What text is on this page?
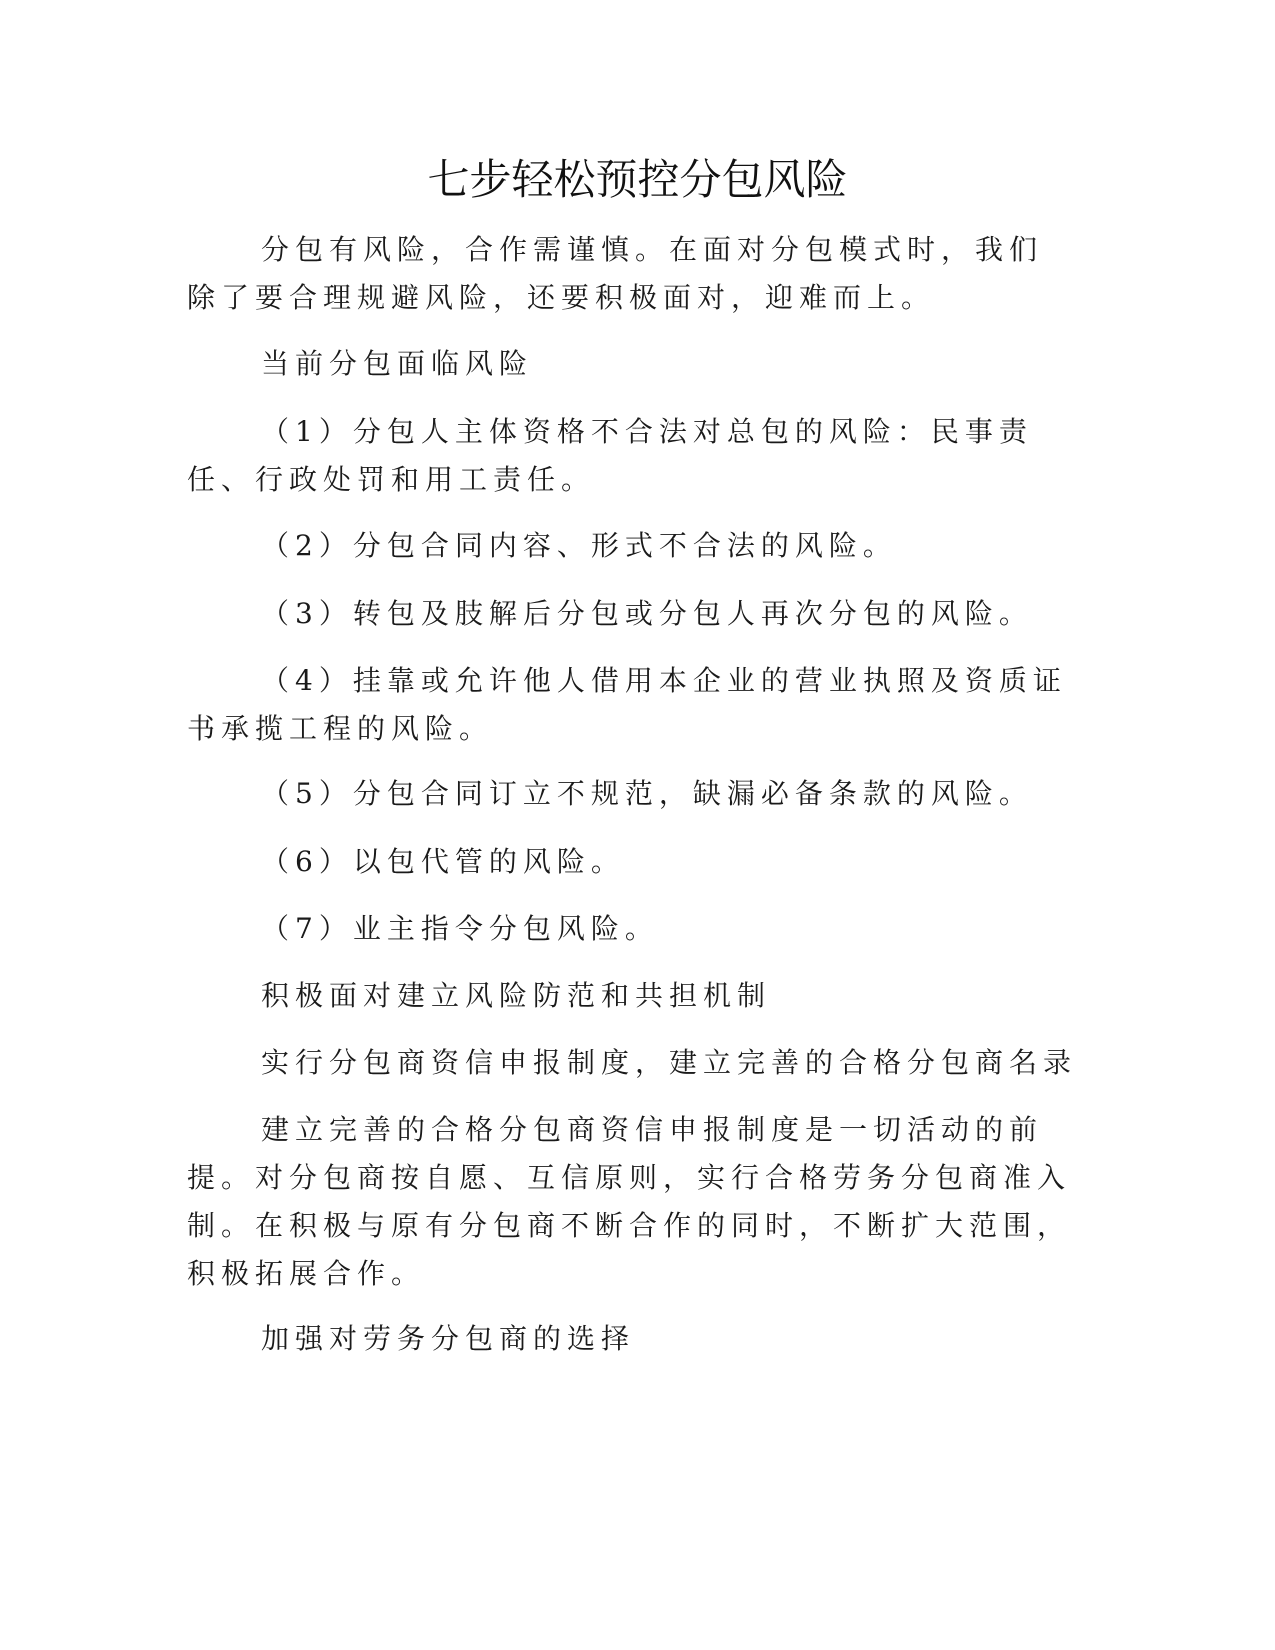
七步轻松预控分包风险

分包有风险，合作需谨慎。在面对分包模式时，我们除了要合理规避风险，还要积极面对，迎难而上。

当前分包面临风险

（1）分包人主体资格不合法对总包的风险：民事责任、行政处罚和用工责任。

（2）分包合同内容、形式不合法的风险。

（3）转包及肢解后分包或分包人再次分包的风险。

（4）挂靠或允许他人借用本企业的营业执照及资质证书承揽工程的风险。

（5）分包合同订立不规范，缺漏必备条款的风险。

（6）以包代管的风险。

（7）业主指令分包风险。

积极面对建立风险防范和共担机制

实行分包商资信申报制度，建立完善的合格分包商名录

建立完善的合格分包商资信申报制度是一切活动的前提。对分包商按自愿、互信原则，实行合格劳务分包商准入制。在积极与原有分包商不断合作的同时，不断扩大范围，积极拓展合作。

加强对劳务分包商的选择
